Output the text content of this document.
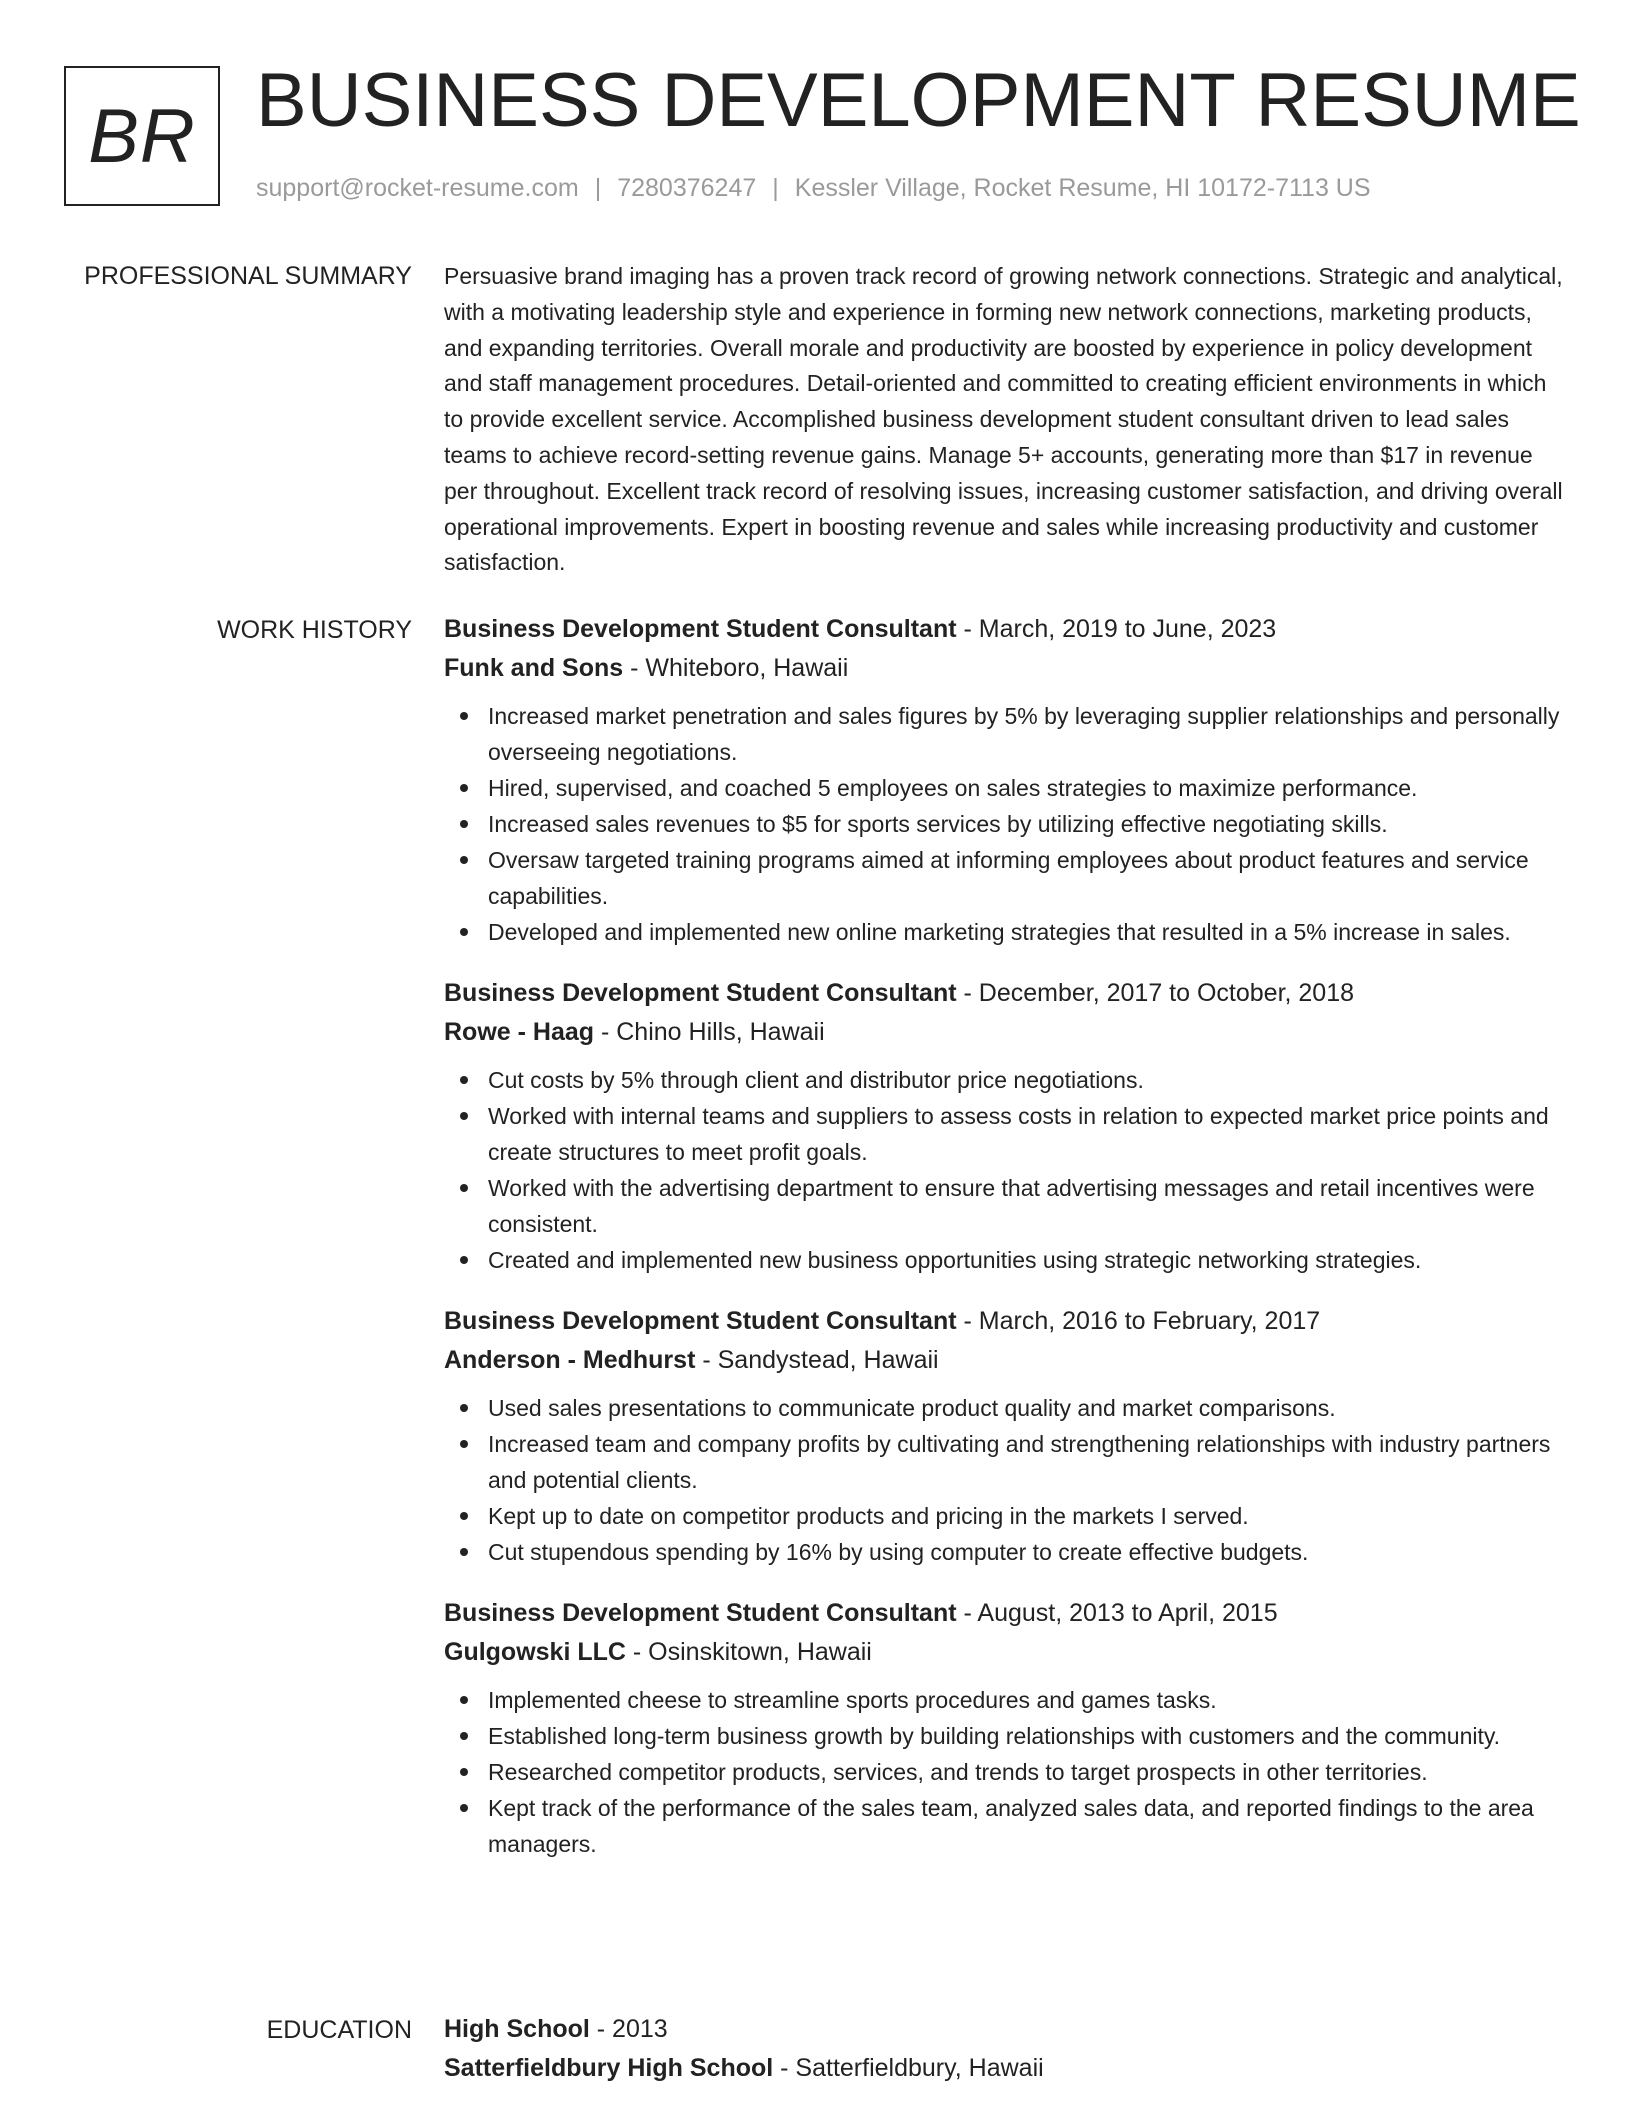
BR BUSINESS DEVELOPMENT RESUME
support@rocket-resume.com | 7280376247 | Kessler Village, Rocket Resume, HI 10172-7113 US
PROFESSIONAL SUMMARY Persuasive brand imaging has a proven track record of growing network connections. Strategic and analytical, with a motivating leadership style and experience in forming new network connections, marketing products, and expanding territories. Overall morale and productivity are boosted by experience in policy development and staff management procedures. Detail-oriented and committed to creating efficient environments in which to provide excellent service. Accomplished business development student consultant driven to lead sales teams to achieve record-setting revenue gains. Manage 5+ accounts, generating more than $17 in revenue per throughout. Excellent track record of resolving issues, increasing customer satisfaction, and driving overall operational improvements. Expert in boosting revenue and sales while increasing productivity and customer satisfaction.

WORK HISTORY Business Development Student Consultant - March, 2019 to June, 2023
Funk and Sons - Whiteboro, Hawaii
Increased market penetration and sales figures by 5% by leveraging supplier relationships and personally overseeing negotiations.
Hired, supervised, and coached 5 employees on sales strategies to maximize performance.
Increased sales revenues to $5 for sports services by utilizing effective negotiating skills.
Oversaw targeted training programs aimed at informing employees about product features and service capabilities.
Developed and implemented new online marketing strategies that resulted in a 5% increase in sales.
Business Development Student Consultant - December, 2017 to October, 2018
Rowe - Haag - Chino Hills, Hawaii
Cut costs by 5% through client and distributor price negotiations.
Worked with internal teams and suppliers to assess costs in relation to expected market price points and create structures to meet profit goals.
Worked with the advertising department to ensure that advertising messages and retail incentives were consistent.
Created and implemented new business opportunities using strategic networking strategies.
Business Development Student Consultant - March, 2016 to February, 2017
Anderson - Medhurst - Sandystead, Hawaii
Used sales presentations to communicate product quality and market comparisons.
Increased team and company profits by cultivating and strengthening relationships with industry partners and potential clients.
Kept up to date on competitor products and pricing in the markets I served.
Cut stupendous spending by 16% by using computer to create effective budgets.
Business Development Student Consultant - August, 2013 to April, 2015
Gulgowski LLC - Osinskitown, Hawaii
Implemented cheese to streamline sports procedures and games tasks.
Established long-term business growth by building relationships with customers and the community.
Researched competitor products, services, and trends to target prospects in other territories.
Kept track of the performance of the sales team, analyzed sales data, and reported findings to the area managers.
EDUCATION High School - 2013
Satterfieldbury High School - Satterfieldbury, Hawaii
